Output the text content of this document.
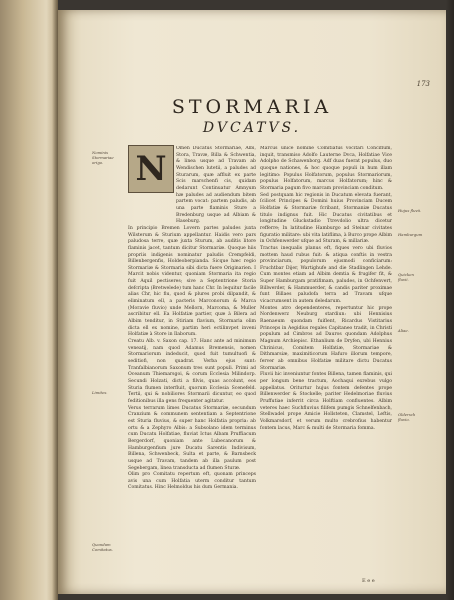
173
STORMARIA
DVCATVS.
N

Omen Ducatus Stormariae, Albi, Stora, Travæ, Billa & Schwentia, & linea usque ad Travam ab Wendischen lutetii, a paludes ad Sturarum, quæ affluit ex parte Scis marschenfi cis, quidam dedarunt Continuatur Amnyum hæ paludes ad audiendum bitem partem vocat: partem paludis, ab una parte flaminis Sture a Bredenburg usque ad Albiam & Haseburg.

In principio Bremen Lovern partes paludes juxta Wilsterum & Sturium appellantur. Haidis vero pars paludosa terre, quæ juxta Sturum, ab auditis litore flaminis jacet, tantum dicitur Stormariæ. Quoque hiis propriis indigenis nominatur paludis Crempfeldi, Billenbergenfis, Holdeoberpianda. Sicque hæc regio Stormariæ & Stormaria sibi dicta fuere Originarien. I Marcit nobis videntur, quoniam Stormaria ita regio fuit Aquil pectiseres; sive a Septentrione Storia defcripta (Bretwelede) tum hanc Chr. In lequitur facile alias Chr, hic fiu, quod & plures probi dilpandit, & eliminatum ell, a pacteris Marconorum & Marca (Moravie fluvio) unde Mellorn, Marcoma, & Muller ascribitur ell. Ea Holfatiæ partier, quæ à Bilera ad Albim tenditur, in Stiriam flavium, Stormaria olim dicta ell ex nomine, partim heri ectilinvpet inveni Holfatiæ à Store in Ilaborum.

Creatu Alb. v. Saxon cap. 17. Hanc ante ad minimum veneatij, nam quod Adamus Bremensis, nomen Stormariorum indeducit, quod fuit tumultuofi & seditiofi, non quadrat. Verba ejus sunt: Tranfalbianorum Saxonum tres sunt populi. Primi ad Oceanum Thiemarsgoi, & corum Ecclesia Milindorp. Secundi Holzati, dicti a filvis, quas accolunt, eos Sturia flumen interfluit, quorum Ecclesia Scenefeld. Tertii, qui & nobiliores Stormarii dicuntur, eo quod feditionibus illa gens frequenter agitatur.

Verus terrarum limes Ducatus Stormariæ, secundum Cranzium & communem sententiam a Septentrione est Sturia fluvius, & super hanc Holfatia propria: ab ortu & a Zephyro Albis: a Subsolano idem terminus cum Ducatu Holfatiae, fluviat Ictus Albam Pruffiacum Bergerdorf, quoniam ante Lubecanorum & Hamburgenfium jure Ducatu Sarentis Indivisum, Billena, Schwenbeck, Sulta et parte, & Barnsbeck usque ad Travam, tandem ab illa paulum post Segebergam, linea transducta ad flumen Sturæ.

Olim pro Comitatu repertum eft, quonam princeps avis una cum Holfatia uterm conditur tantum Comitatus. Hinc Helmoldus his dum Germania.

Marcus unice nomine Comitiatus vocitari Conciflum, inquit, transmiso Adolfo Lauterne Dvca, Holfatiae Vice Adolpho de Schawenborg. Adf duas fuerat populus, duo quoque nationes, & hoc quoque populi in hum illam legitimo: Populus Holfatorum, populus Stormariorum, populus Holfatorum, marcus Holfatorum; hinc & Stormaria pagum fivo marcam provinciam conditum.

Sed postquam hic regionis in Ducatum elevata fuerant, ſcilicet Principes & Domini huius Provinciam Ducem Holfatiæ & Stormariæ fcribant, Stormaniæ Ducatus titulo indignus fuit. Hic Ducatus civitatibus et longitudine Gluckstadio Ttrevdolio ultra dicetur refferre; In latitudine Hamburgo ad Steinar civitates figuratio militare: ubi vita latiflima, à Burco prope Albim in Ochfenwerder ufque ad Sturam, & millariæ.

Tractus inequalis planus eft, fiques vero ubi fluvios mottem haud rubus fuit: & atiqua conftis in vestra provinciarum, populorum ejusmodi conficiarum: Fruchtbar Dijer, Wartighufe and die Stadlingen Lehde. Cum montes etiam ad Albim demtia & frugifer fit, & Super Hamburgam pratifimam, paludes, in Ochfenvert, Billwerder, & Hammuerder, & candis pariter proximae funt Billaes paludofa terra ad Travam ufque vicacrumsent in autem deledarum.

Montes atro dependenteres, repertuntur hic prope Nordenwerz Neuburg stardiun: ubi Hennisius Raenaeum quondam fuiflent, Ricardus Vistitarius Princeps in Aegidius regales Capitaneo tradit, in Christi populum ad Cimbros ad Dauros quondam Adolphus Magnum Archiepisc. Ethanlium de Dryfen, ubi Hennius Chrinicus, Comitem Holfatiæ, Stormariae & Dithmarsiæ, maximiticorum Hafuro illorum tempore, ferver ab omnibus Holfatiæ militare dictu Ducatus Stormariæ.

Fluvii hic inveniuntur fontes Billena, tamen flaminis, qui per longum bene tractum, Aochaqui exrebus vulgo appellatus. Oriturtur hujus fontem defentes prope Billenwerder & Stockelle; pariter Hedelmoriae fluvius Pruffutiae inferrit circa Holftiam confluentes. Albim veteres haec Suchfluvius filifem pumgis Schnelfenbach, Stellwadel prope Amicie Hollsteten, Clamstel, Leftis, Volkmarsdorf, et verum multo crebrofius habentur fontem lacus, Marc & multi de Stormaria fomma.

Nominis Stormariae origo.
Limites.
Quondam Comitatus.
Hujus fluvii.
Hamburgum
Quicken fluvii.
Aliae.
Oldersch fluvio.
E e e
